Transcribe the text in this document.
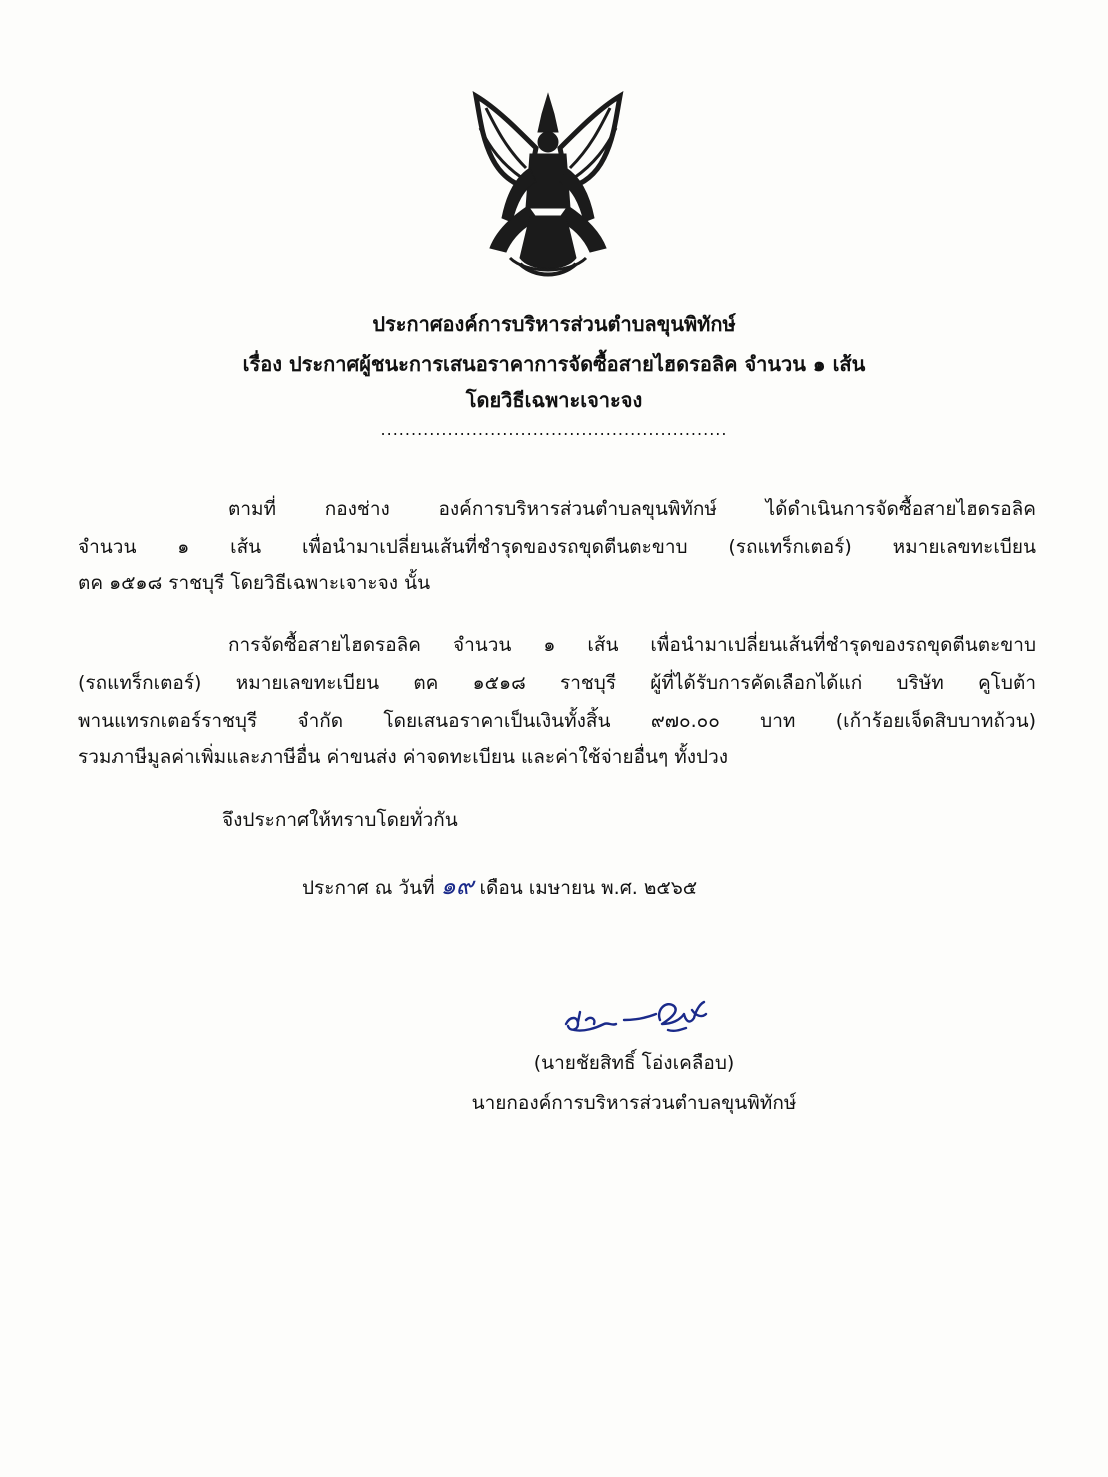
ประกาศองค์การบริหารส่วนตำบลขุนพิทักษ์
เรื่อง ประกาศผู้ชนะการเสนอราคาการจัดซื้อสายไฮดรอลิค จำนวน ๑ เส้น
โดยวิธีเฉพาะเจาะจง
.........................................................
ตามที่ กองช่าง องค์การบริหารส่วนตำบลขุนพิทักษ์ ได้ดำเนินการจัดซื้อสายไฮดรอลิค
จำนวน ๑ เส้น เพื่อนำมาเปลี่ยนเส้นที่ชำรุดของรถขุดตีนตะขาบ (รถแทร็กเตอร์) หมายเลขทะเบียน
ตค ๑๕๑๘ ราชบุรี โดยวิธีเฉพาะเจาะจง นั้น
การจัดซื้อสายไฮดรอลิค จำนวน ๑ เส้น เพื่อนำมาเปลี่ยนเส้นที่ชำรุดของรถขุดตีนตะขาบ
(รถแทร็กเตอร์) หมายเลขทะเบียน ตค ๑๕๑๘ ราชบุรี ผู้ที่ได้รับการคัดเลือกได้แก่ บริษัท คูโบต้า
พานแทรกเตอร์ราชบุรี จำกัด โดยเสนอราคาเป็นเงินทั้งสิ้น ๙๗๐.๐๐ บาท (เก้าร้อยเจ็ดสิบบาทถ้วน)
รวมภาษีมูลค่าเพิ่มและภาษีอื่น ค่าขนส่ง ค่าจดทะเบียน และค่าใช้จ่ายอื่นๆ ทั้งปวง
จึงประกาศให้ทราบโดยทั่วกัน
ประกาศ ณ วันที่ ๑๙ เดือน เมษายน พ.ศ. ๒๕๖๕
(นายชัยสิทธิ์ โอ่งเคลือบ)
นายกองค์การบริหารส่วนตำบลขุนพิทักษ์
